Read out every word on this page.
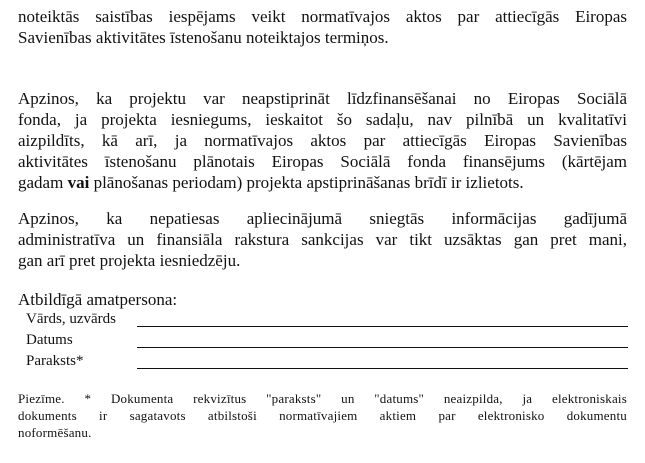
noteiktās saistības iespējams veikt normatīvajos aktos par attiecīgās Eiropas
Savienības aktivitātes īstenošanu noteiktajos termiņos.

Apzinos, ka projektu var neapstiprināt līdzfinansēšanai no Eiropas Sociālā
fonda, ja projekta iesniegums, ieskaitot šo sadaļu, nav pilnībā un kvalitatīvi
aizpildīts, kā arī, ja normatīvajos aktos par attiecīgās Eiropas Savienības
aktivitātes īstenošanu plānotais Eiropas Sociālā fonda finansējums (kārtējam
gadam vai plānošanas periodam) projekta apstiprināšanas brīdī ir izlietots.

Apzinos, ka nepatiesas apliecinājumā sniegtās informācijas gadījumā
administratīva un finansiāla rakstura sankcijas var tikt uzsāktas gan pret mani,
gan arī pret projekta iesniedzēju.

Atbildīgā amatpersona:
Vārds, uzvārds
Datums
Paraksts*

Piezīme. * Dokumenta rekvizītus "paraksts" un "datums" neaizpilda, ja elektroniskais
dokuments ir sagatavots atbilstoši normatīvajiem aktiem par elektronisko dokumentu
noformēšanu.
